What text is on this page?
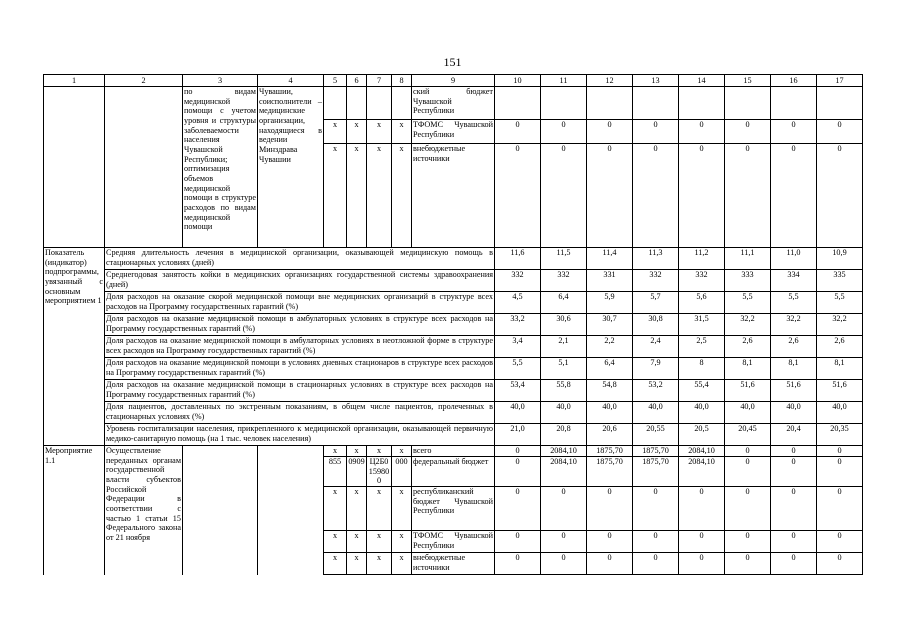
151
1	2	3	4	5	6	7	8	9	10	11	12	13	14	15	16	17
		по видам медицинской помощи с учетом уровня и структуры заболеваемости населения Чувашской Республики; оптимизация объемов медицинской помощи в структуре расходов по видам медицинской помощи	Чувашии, соисполнители – медицинские организации, находящиеся в ведении Минздрава Чувашии					ский бюджет Чувашской Республики								
				x	x	x	x	ТФОМС Чувашской Республики	0	0	0	0	0	0	0	0
				x	x	x	x	внебюджетные источники	0	0	0	0	0	0	0	0
Показатель (индикатор) подпрограммы, увязанный с основным мероприятием 1	Средняя длительность лечения в медицинской организации, оказывающей медицинскую помощь в стационарных условиях (дней)								11,6	11,5	11,4	11,3	11,2	11,1	11,0	10,9
	Среднегодовая занятость койки в медицинских организациях государственной системы здравоохранения (дней)								332	332	331	332	332	333	334	335
	Доля расходов на оказание скорой медицинской помощи вне медицинских организаций в структуре всех расходов на Программу государственных гарантий (%)								4,5	6,4	5,9	5,7	5,6	5,5	5,5	5,5
	Доля расходов на оказание медицинской помощи в амбулаторных условиях в структуре всех расходов на Программу государственных гарантий (%)								33,2	30,6	30,7	30,8	31,5	32,2	32,2	32,2
	Доля расходов на оказание медицинской помощи в амбулаторных условиях в неотложной форме в структуре всех расходов на Программу государственных гарантий (%)								3,4	2,1	2,2	2,4	2,5	2,6	2,6	2,6
	Доля расходов на оказание медицинской помощи в условиях дневных стационаров в структуре всех расходов на Программу государственных гарантий (%)								5,5	5,1	6,4	7,9	8	8,1	8,1	8,1
	Доля расходов на оказание медицинской помощи в стационарных условиях в структуре всех расходов на Программу государственных гарантий (%)								53,4	55,8	54,8	53,2	55,4	51,6	51,6	51,6
	Доля пациентов, доставленных по экстренным показаниям, в общем числе пациентов, пролеченных в стационарных условиях (%)								40,0	40,0	40,0	40,0	40,0	40,0	40,0	40,0
	Уровень госпитализации населения, прикрепленного к медицинской организации, оказывающей первичную медико-санитарную помощь (на 1 тыс. человек населения)								21,0	20,8	20,6	20,55	20,5	20,45	20,4	20,35
Мероприятие 1.1	Осуществление переданных органам государственной власти субъектов Российской Федерации в соответствии с частью 1 статьи 15 Федерального закона от 21 ноября			x	x	x	x	всего	0	2084,10	1875,70	1875,70	2084,10	0	0	0
				855	0909	Ц2Б0159800	000	федеральный бюджет	0	2084,10	1875,70	1875,70	2084,10	0	0	0
				x	x	x	x	республиканский бюджет Чувашской Республики	0	0	0	0	0	0	0	0
				x	x	x	x	ТФОМС Чувашской Республики	0	0	0	0	0	0	0	0
				x	x	x	x	внебюджетные источники	0	0	0	0	0	0	0	0
